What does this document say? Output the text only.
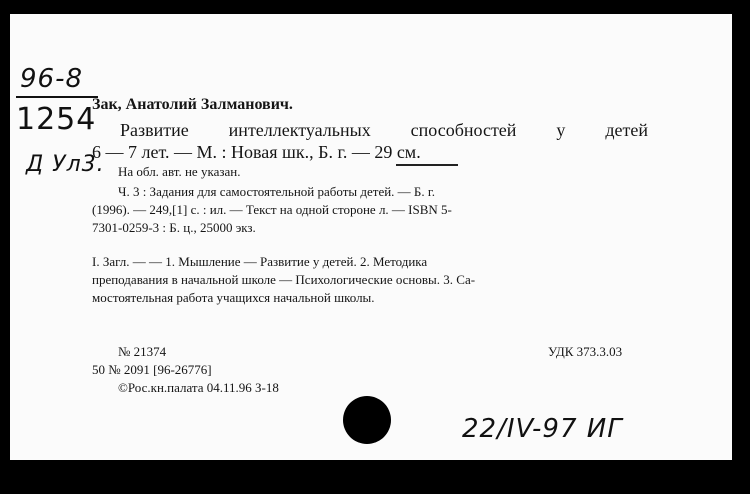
96-8
1254
Д Ул3.
Зак, Анатолий Залманович.
Развитие интеллектуальных способностей у детей
6 — 7 лет. — М. : Новая шк., Б. г. — 29 см.
На обл. авт. не указан.
Ч. 3 : Задания для самостоятельной работы детей. — Б. г.
(1996). — 249,[1] с. : ил. — Текст на одной стороне л. — ISBN 5-
7301-0259-3 : Б. ц., 25000 экз.
I. Загл. — — 1. Мышление — Развитие у детей. 2. Методика
преподавания в начальной школе — Психологические основы. 3. Са-
мостоятельная работа учащихся начальной школы.
№ 21374	УДК 373.3.03
50 № 2091 [96-26776]
©Рос.кн.палата 04.11.96 З-18
22/IV-97 ИГ
